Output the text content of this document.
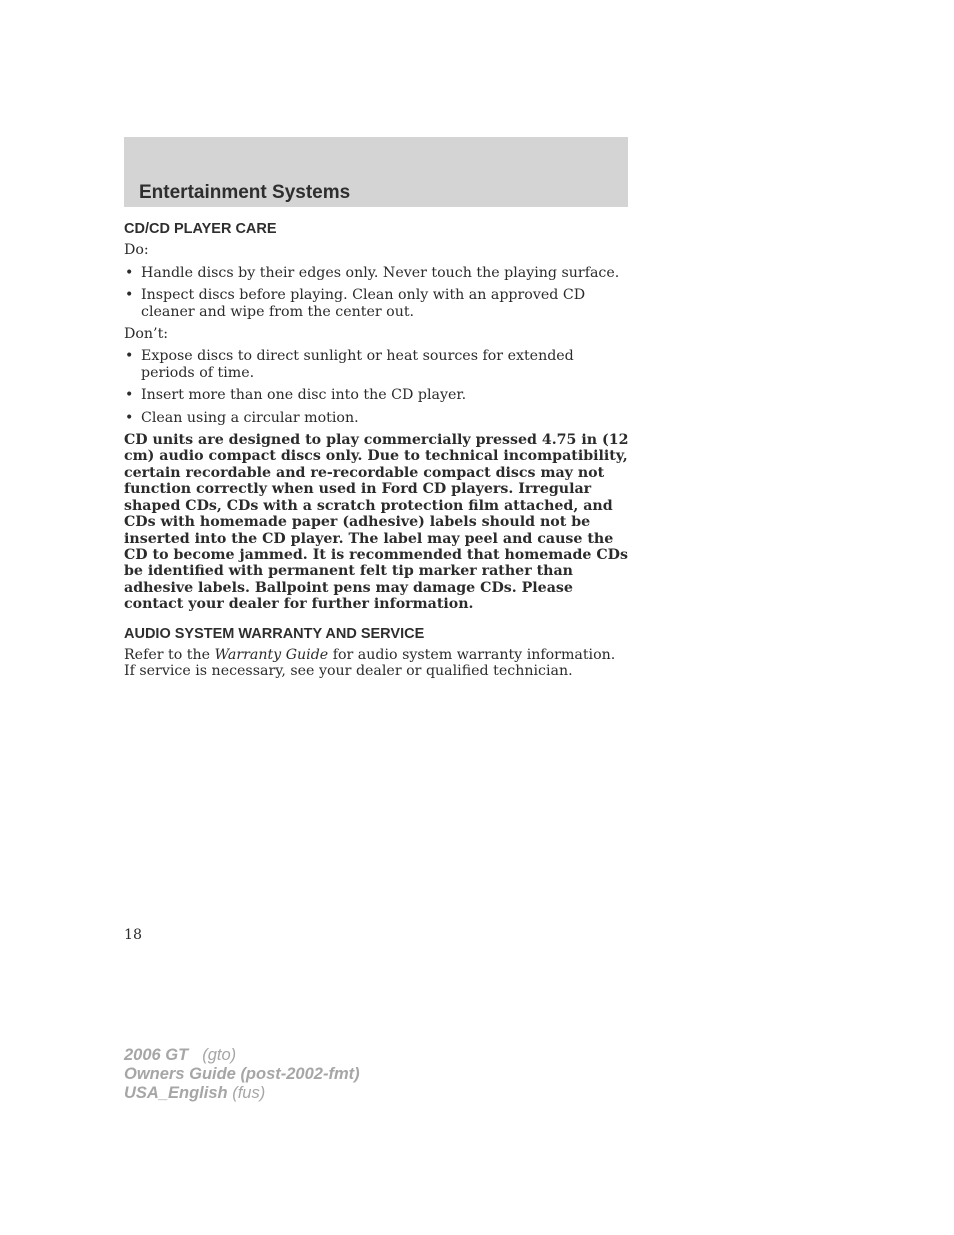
Entertainment Systems
CD/CD PLAYER CARE

Do:

• Handle discs by their edges only. Never touch the playing surface.
• Inspect discs before playing. Clean only with an approved CD cleaner and wipe from the center out.

Don’t:

• Expose discs to direct sunlight or heat sources for extended periods of time.
• Insert more than one disc into the CD player.
• Clean using a circular motion.

CD units are designed to play commercially pressed 4.75 in (12 cm) audio compact discs only. Due to technical incompatibility, certain recordable and re-recordable compact discs may not function correctly when used in Ford CD players. Irregular shaped CDs, CDs with a scratch protection film attached, and CDs with homemade paper (adhesive) labels should not be inserted into the CD player. The label may peel and cause the CD to become jammed. It is recommended that homemade CDs be identified with permanent felt tip marker rather than adhesive labels. Ballpoint pens may damage CDs. Please contact your dealer for further information.

AUDIO SYSTEM WARRANTY AND SERVICE

Refer to the Warranty Guide for audio system warranty information. If service is necessary, see your dealer or qualified technician.

18
2006 GT (gto)
Owners Guide (post-2002-fmt)
USA_English (fus)
